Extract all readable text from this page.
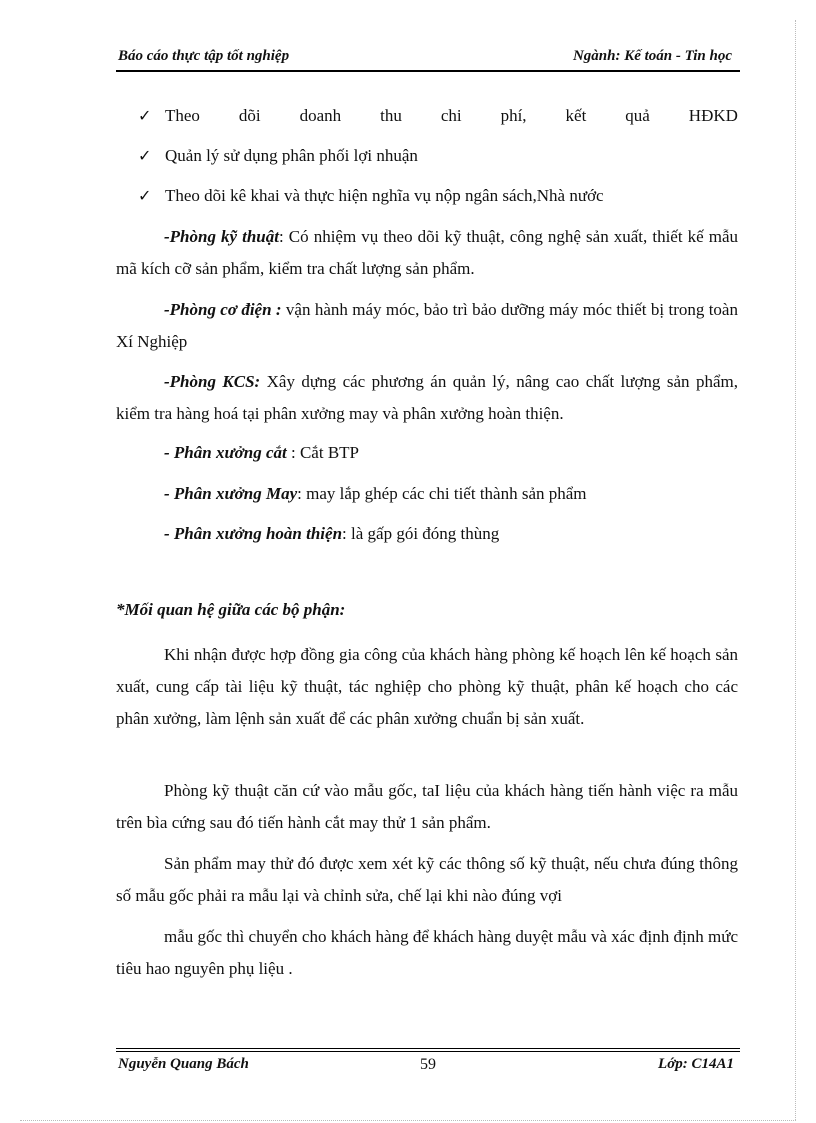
Báo cáo thực tập tốt nghiệp	Ngành: Kế toán - Tin học
✓ Theo dõi doanh thu chi phí, kết quả HĐKD
✓ Quản lý sử dụng phân phối lợi nhuận
✓ Theo dõi kê khai và thực hiện nghĩa vụ nộp ngân sách,Nhà nước
-Phòng kỹ thuật: Có nhiệm vụ theo dõi kỹ thuật, công nghệ sản xuất, thiết kế mẫu mã kích cỡ sản phẩm, kiểm tra chất lượng sản phẩm.
-Phòng cơ điện : vận hành máy móc, bảo trì bảo dưỡng máy móc thiết bị trong toàn Xí Nghiệp
-Phòng KCS: Xây dựng các phương án quản lý, nâng cao chất lượng sản phẩm, kiểm tra hàng hoá tại phân xưởng may và phân xưởng hoàn thiện.
- Phân xưởng cắt : Cắt BTP
- Phân xưởng May: may lắp ghép các chi tiết thành sản phẩm
- Phân xưởng hoàn thiện: là gấp gói đóng thùng
*Mối quan hệ giữa các bộ phận:
Khi nhận được hợp đồng gia công của khách hàng phòng kế hoạch lên kế hoạch sản xuất, cung cấp tài liệu kỹ thuật, tác nghiệp cho phòng kỹ thuật, phân kế hoạch cho các phân xưởng, làm lệnh sản xuất để các phân xưởng chuẩn bị sản xuất.
Phòng kỹ thuật căn cứ vào mẫu gốc, taI liệu của khách hàng tiến hành việc ra mẫu trên bìa cứng sau đó tiến hành cắt may thử 1 sản phẩm.
Sản phẩm may thử đó được xem xét kỹ các thông số kỹ thuật, nếu chưa đúng thông số mẫu gốc phải ra mẫu lại và chỉnh sửa, chế lại khi nào đúng vợi
mẫu gốc thì chuyển cho khách hàng để khách hàng duyệt mẫu và xác định định mức tiêu hao nguyên phụ liệu .
Nguyễn Quang Bách	59	Lớp: C14A1
